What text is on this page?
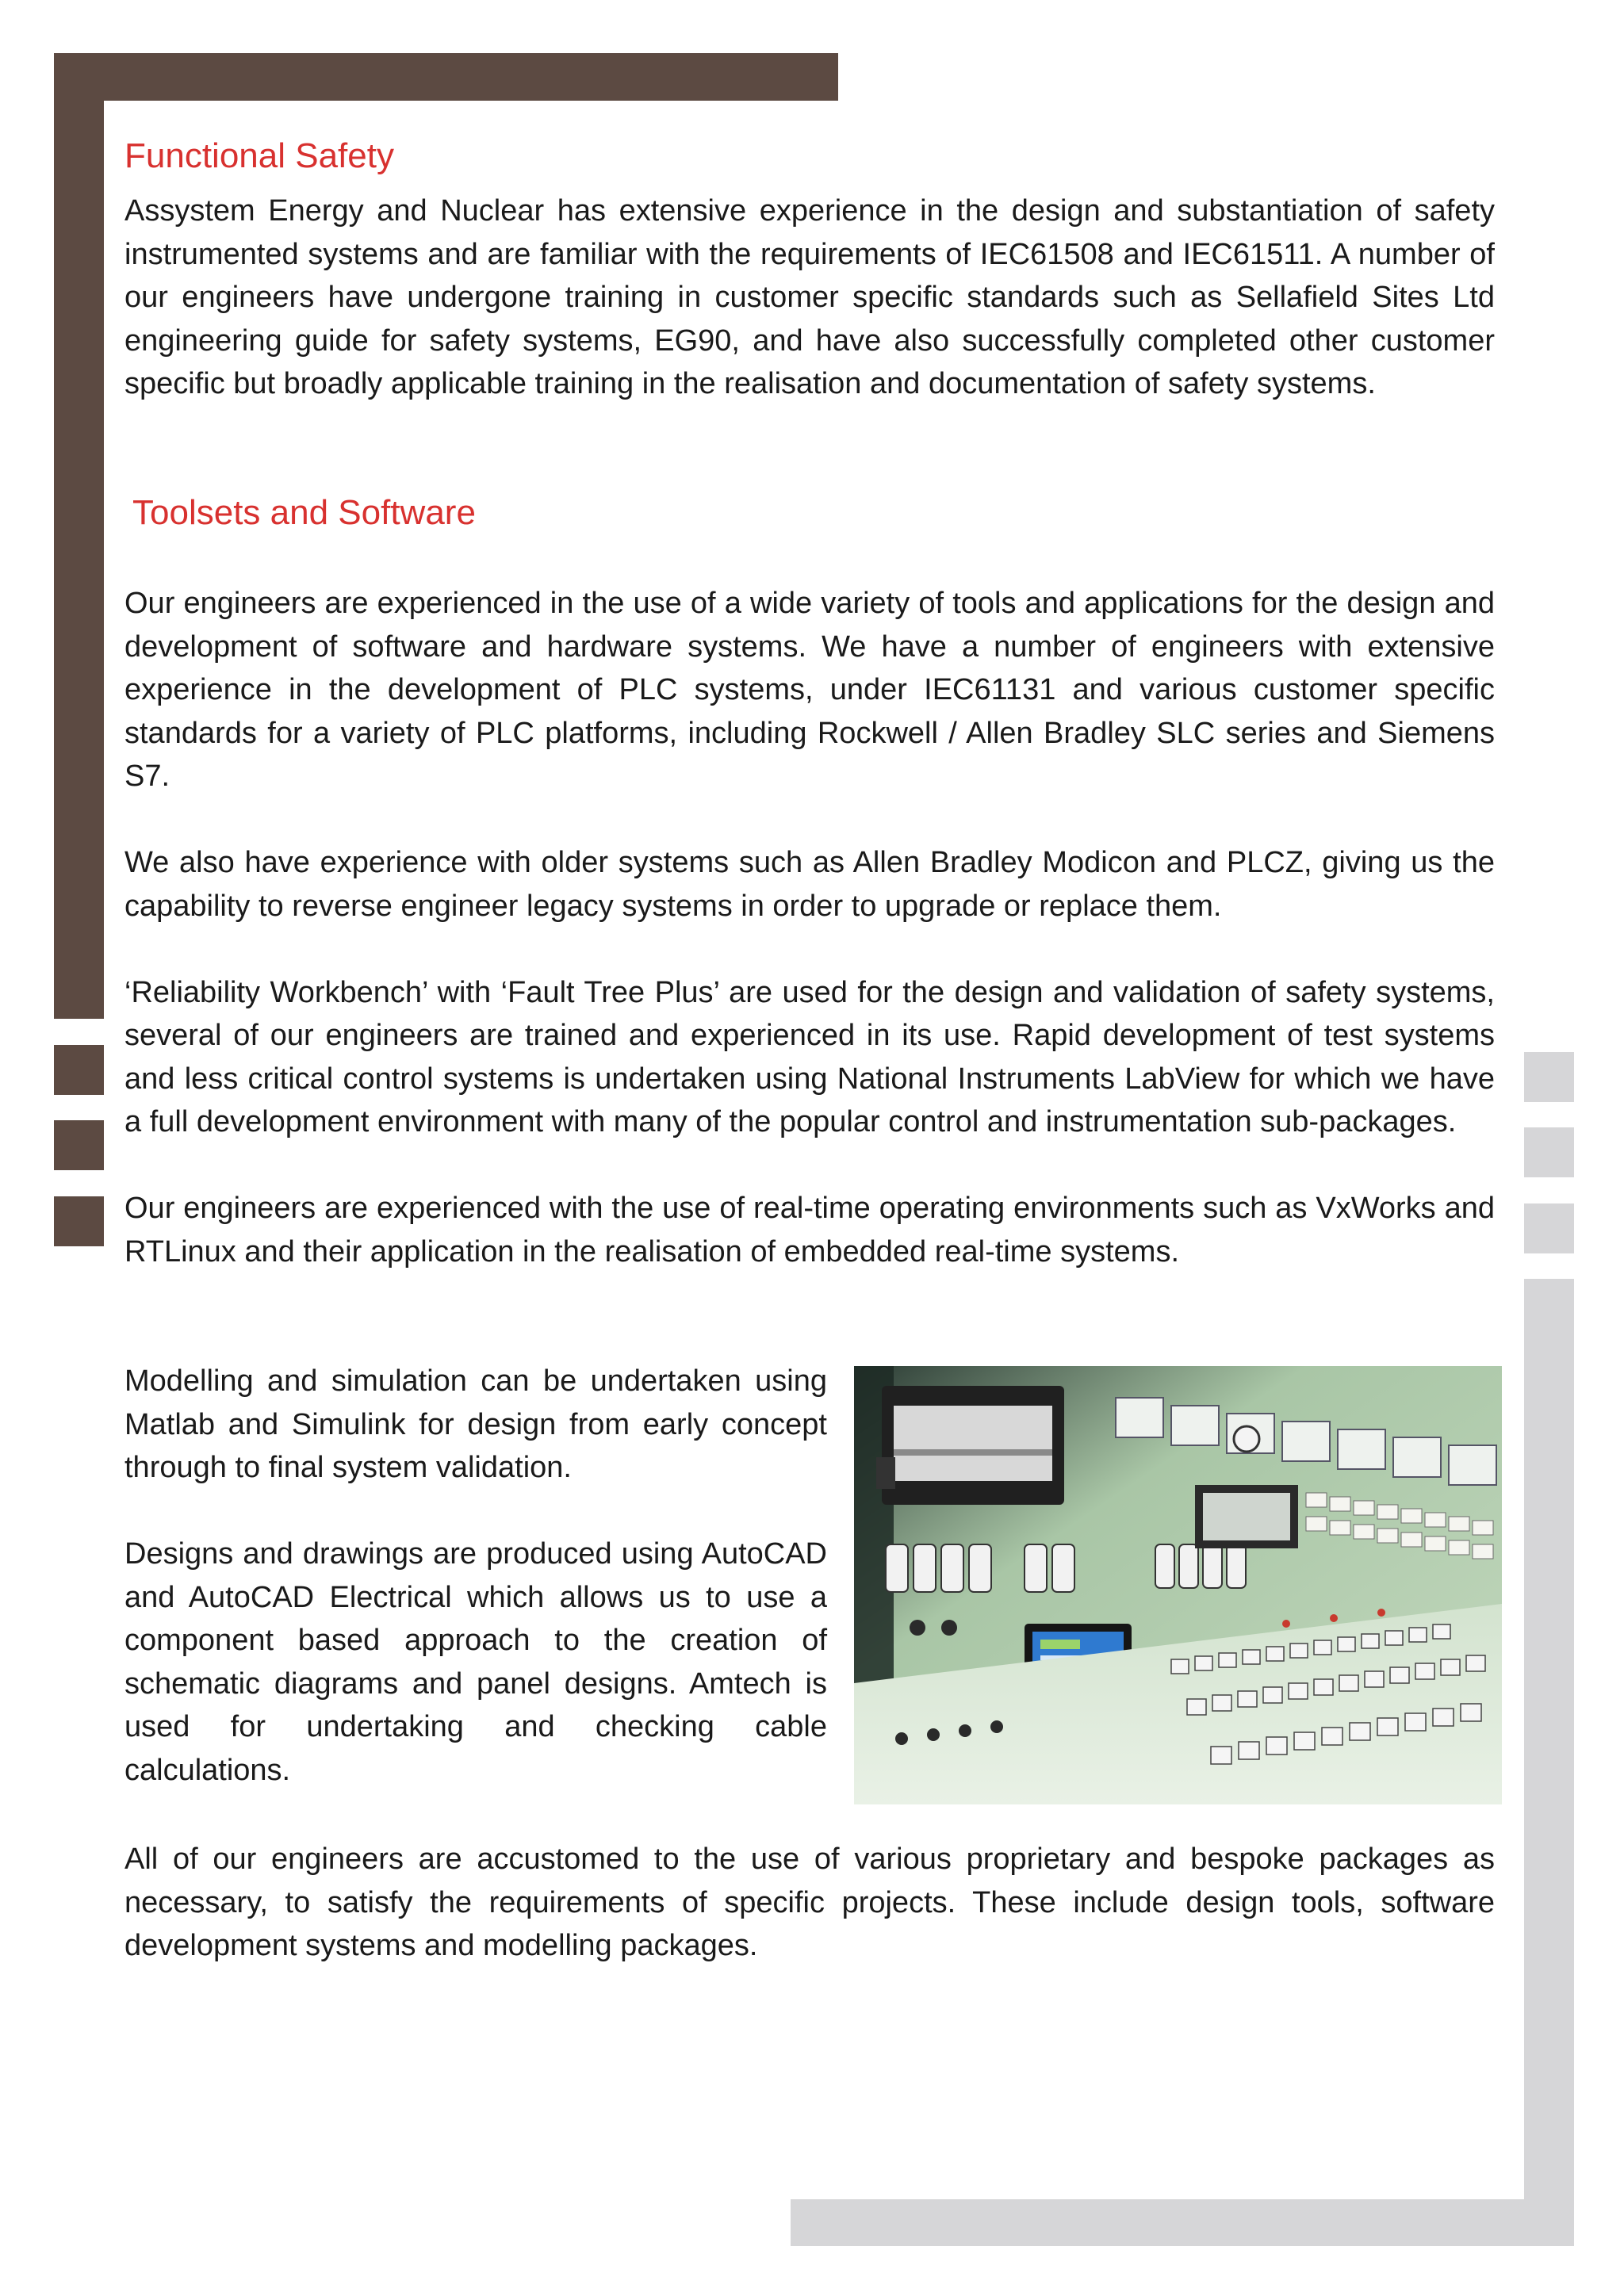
Functional Safety

Assystem Energy and Nuclear has extensive experience in the design and substantiation of safety instrumented systems and are familiar with the requirements of IEC61508 and IEC61511. A number of our engineers have undergone training in customer specific standards such as Sellafield Sites Ltd engineering guide for safety systems, EG90, and have also successfully completed other customer specific but broadly applicable training in the realisation and documentation of safety systems.

Toolsets and Software

Our engineers are experienced in the use of a wide variety of tools and applications for the design and development of software and hardware systems. We have a number of engineers with extensive experience in the development of PLC systems, under IEC61131 and various customer specific standards for a variety of PLC platforms, including Rockwell / Allen Bradley SLC series and Siemens S7.

We also have experience with older systems such as Allen Bradley Modicon and PLCZ, giving us the capability to reverse engineer legacy systems in order to upgrade or replace them.

‘Reliability Workbench’ with ‘Fault Tree Plus’ are used for the design and validation of safety systems, several of our engineers are trained and experienced in its use. Rapid development of test systems and less critical control systems is undertaken using National Instruments LabView for which we have a full development environment with many of the popular control and instrumentation sub-packages.

Our engineers are experienced with the use of real-time operating environments such as VxWorks and RTLinux and their application in the realisation of embedded real-time systems.

Modelling and simulation can be undertaken using Matlab and Simulink for design from early concept through to final system validation.

Designs and drawings are produced using AutoCAD and AutoCAD Electrical which allows us to use a component based approach to the creation of schematic diagrams and panel designs. Amtech is used for undertaking and checking cable calculations.

All of our engineers are accustomed to the use of various proprietary and bespoke packages as necessary, to satisfy the requirements of specific projects. These include design tools, software development systems and modelling packages.
